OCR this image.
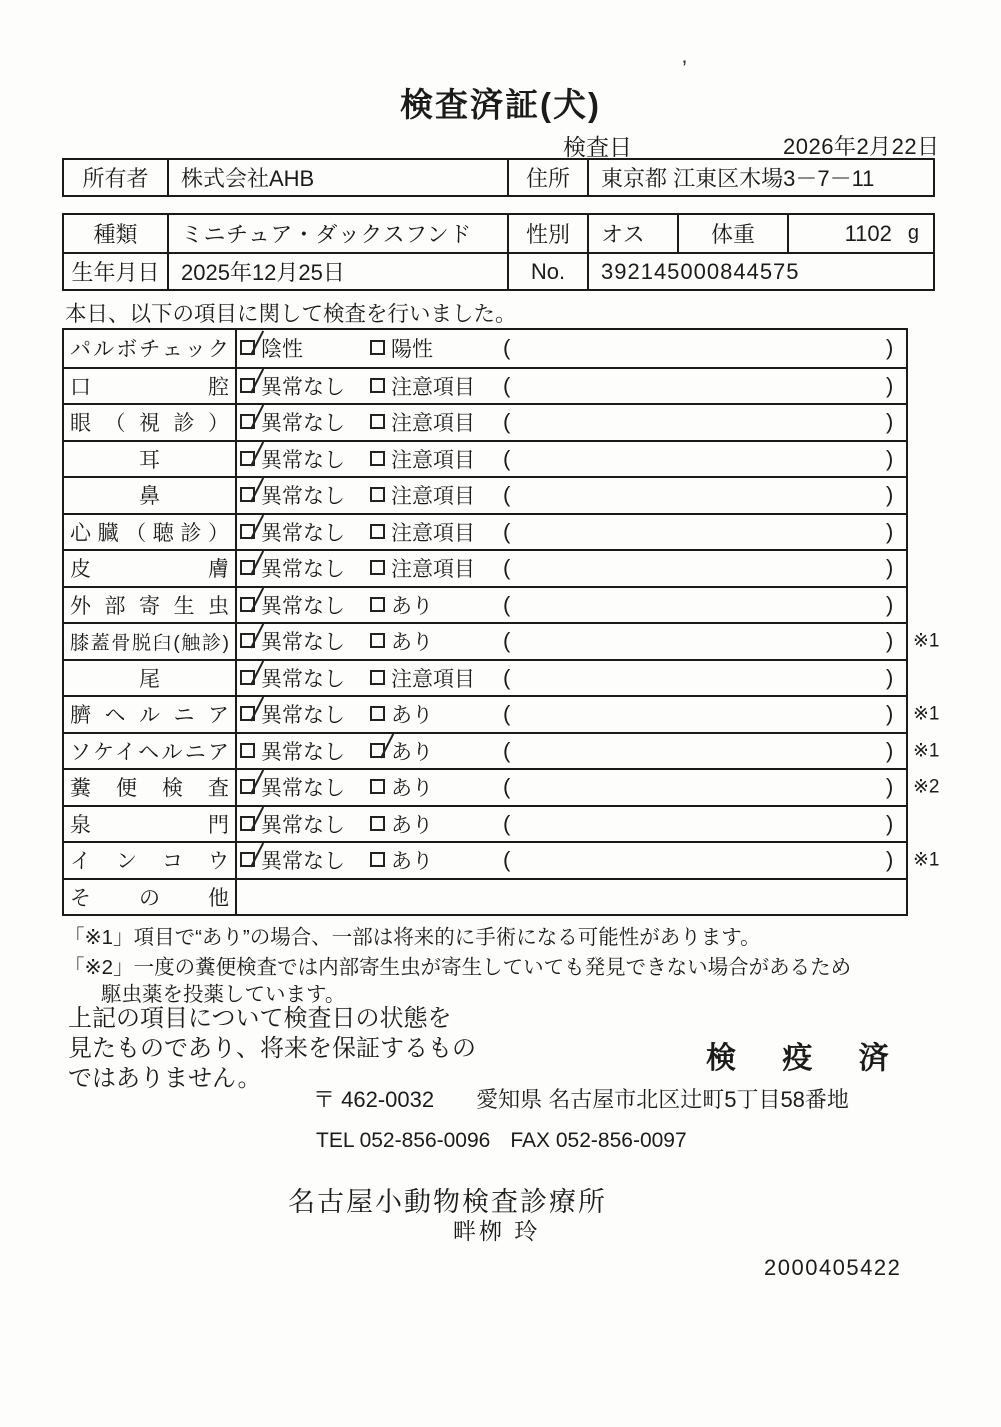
’
検査済証(犬)
検査日	2026年2月22日
所有者	株式会社AHB	住所	東京都 江東区木場3－7－11
種類	ミニチュア・ダックスフンド	性別	オス	体重	1102 g
生年月日 2025年12月25日	No.	392145000844575
本日、以下の項目に関して検査を行いました。
パルボチェック 陰性	陽性	(	)
口腔 異常なし 注意項目 (	)
眼（視診） 異常なし 注意項目 (	)
耳	異常なし 注意項目 (	)
鼻	異常なし 注意項目 (	)
心臓（聴診） 異常なし 注意項目 (	)
皮膚 異常なし 注意項目 (	)
外部寄生虫 異常なし あり	(	)
膝蓋骨脱臼(触診) 異常なし あり	(	) ※1
尾	異常なし 注意項目 (	)
臍ヘルニア 異常なし あり	(	) ※1
ソケイヘルニア 異常なし あり	(	) ※1
糞便検査 異常なし あり	(	) ※2
泉門 異常なし あり	(	)
インコウ 異常なし あり	(	) ※1
その他
「※1」項目で“あり”の場合、一部は将来的に手術になる可能性があります。
「※2」一度の糞便検査では内部寄生虫が寄生していても発見できない場合があるため
駆虫薬を投薬しています。
上記の項目について検査日の状態を
見たものであり、将来を保証するもの
ではありません。
検 疫 済
〒 462-0032 愛知県 名古屋市北区辻町5丁目58番地
TEL 052-856-0096 FAX 052-856-0097
名古屋小動物検査診療所
畔栁 玲
2000405422
